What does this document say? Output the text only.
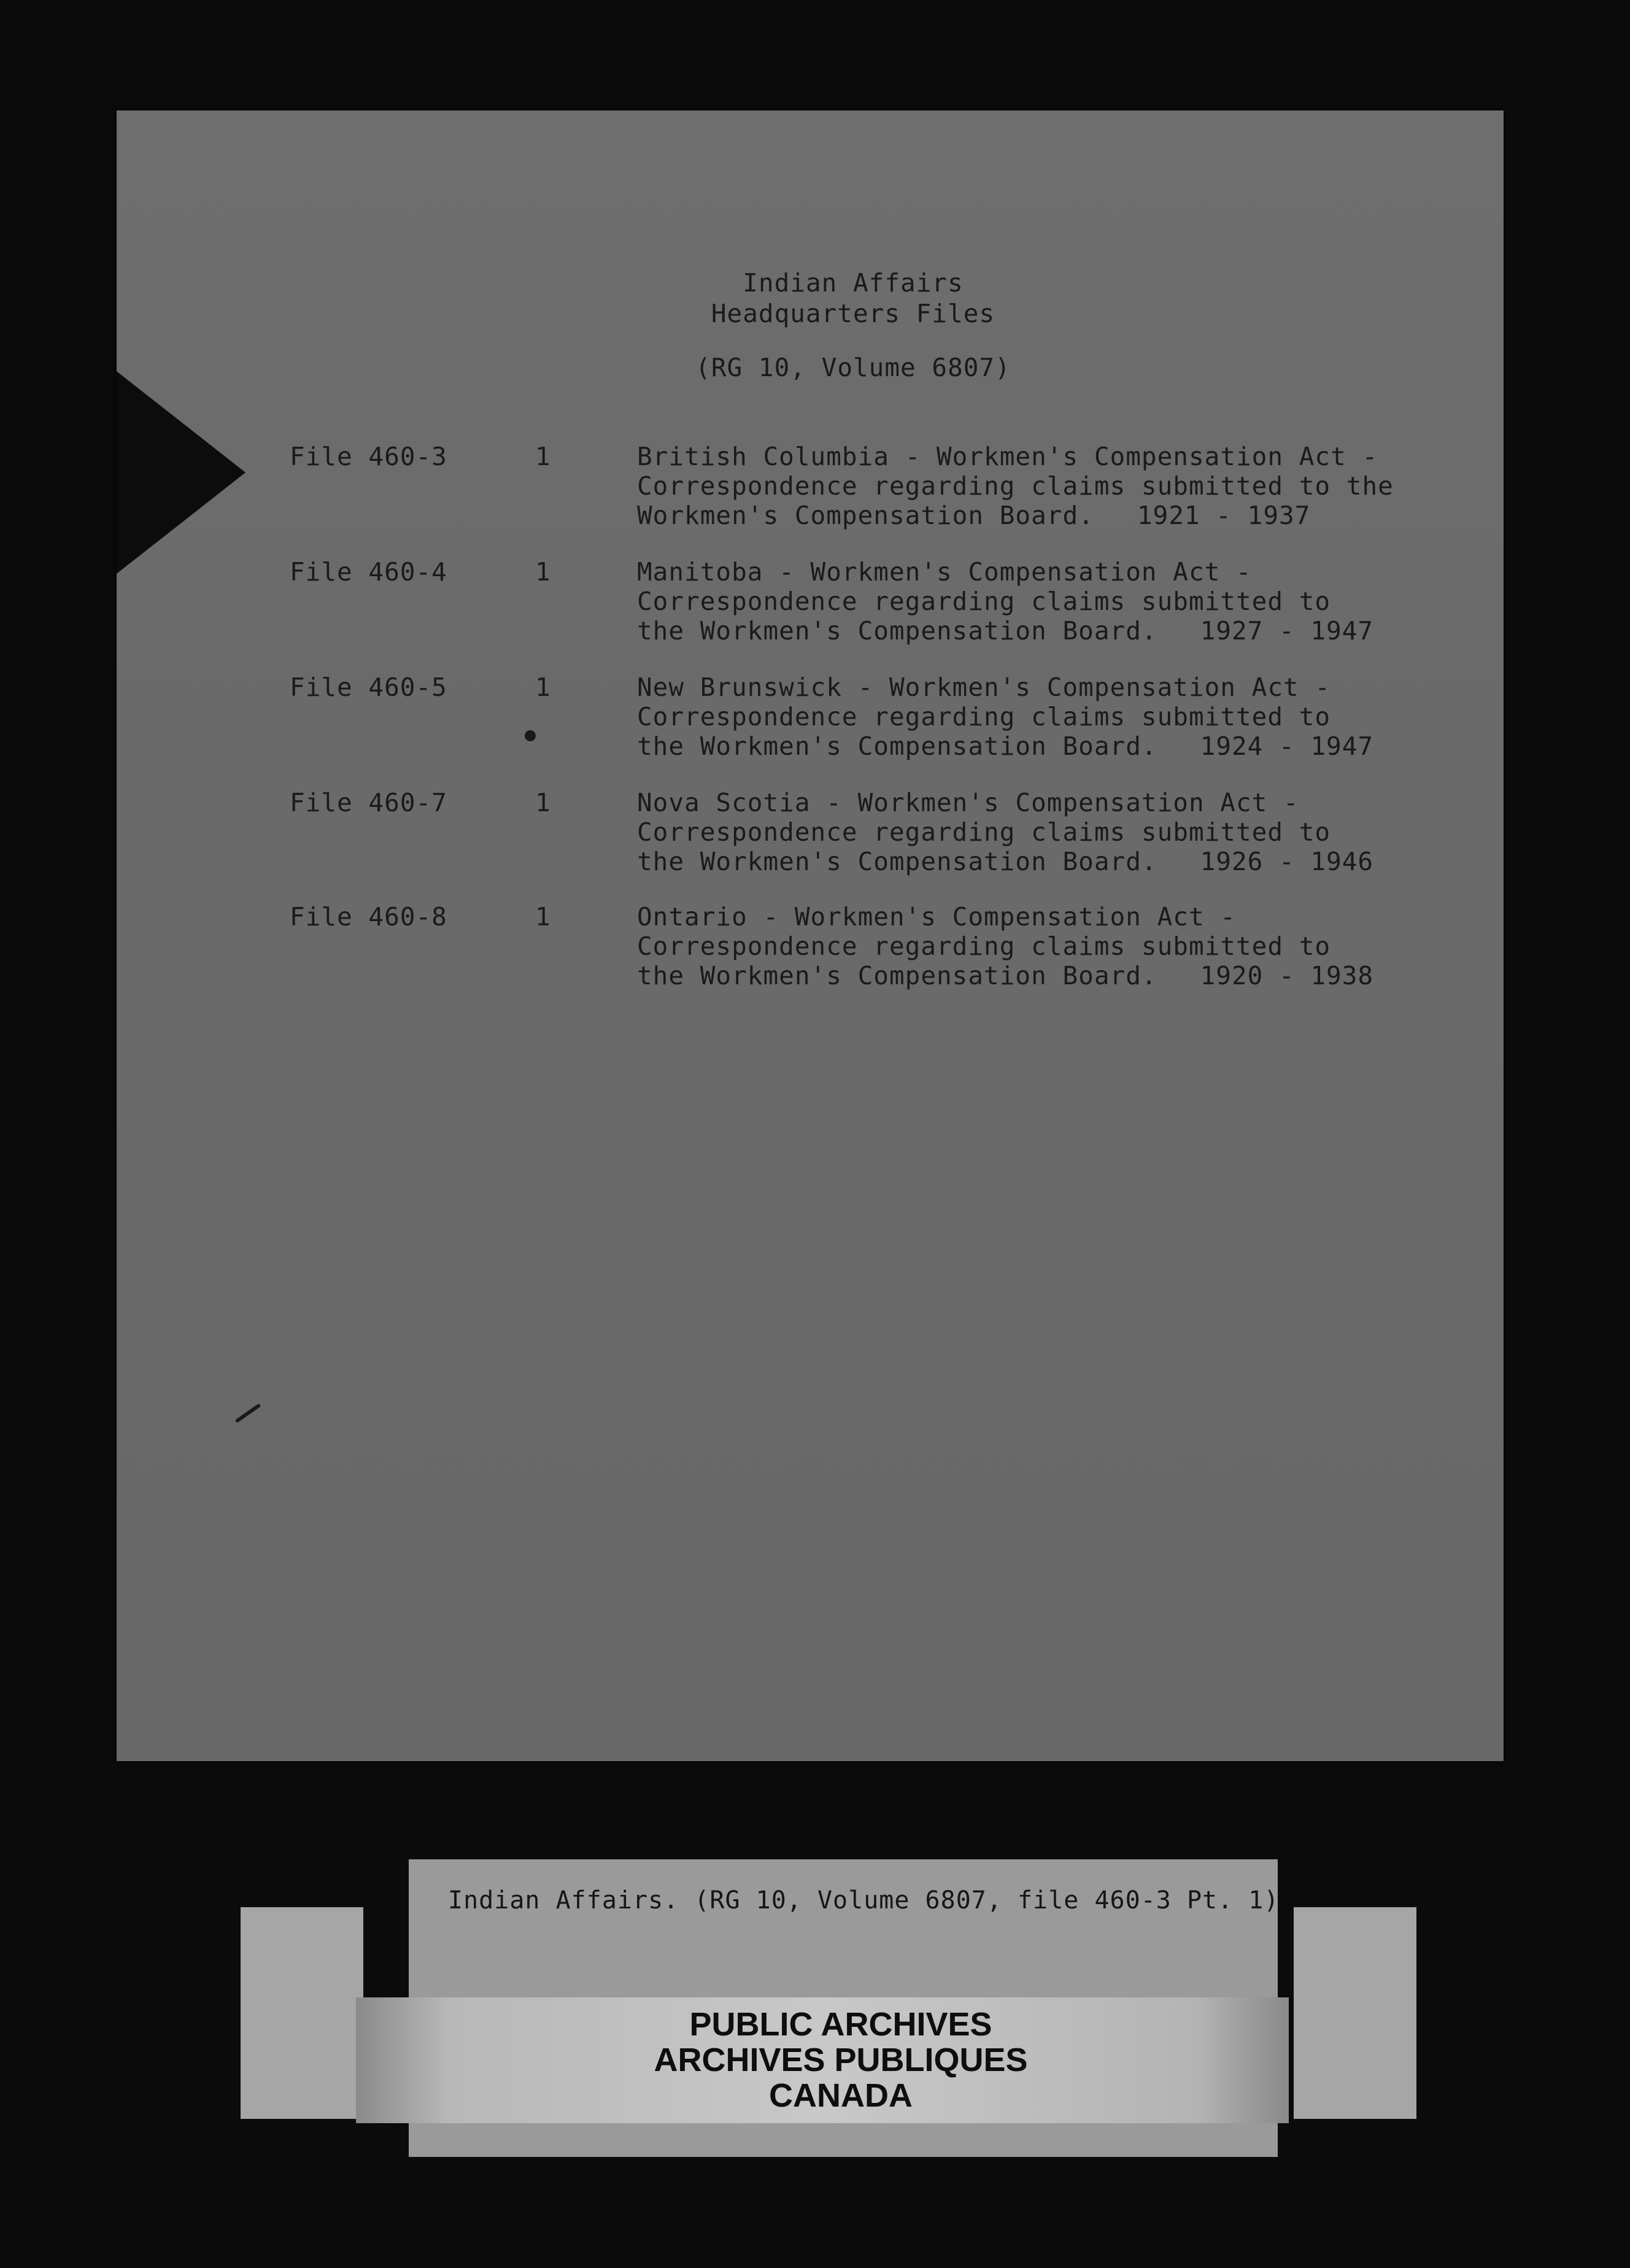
Indian Affairs
Headquarters Files
(RG 10, Volume 6807)
File 460-3	1	British Columbia - Workmen's Compensation Act -
Correspondence regarding claims submitted to the
Workmen's Compensation Board. 1921 - 1937
File 460-4	1	Manitoba - Workmen's Compensation Act -
Correspondence regarding claims submitted to
the Workmen's Compensation Board. 1927 - 1947
File 460-5	1	New Brunswick - Workmen's Compensation Act -
Correspondence regarding claims submitted to
the Workmen's Compensation Board. 1924 - 1947
File 460-7	1	Nova Scotia - Workmen's Compensation Act -
Correspondence regarding claims submitted to
the Workmen's Compensation Board. 1926 - 1946
File 460-8	1	Ontario - Workmen's Compensation Act -
Correspondence regarding claims submitted to
the Workmen's Compensation Board. 1920 - 1938
Indian Affairs. (RG 10, Volume 6807, file 460-3 Pt. 1)
PUBLIC ARCHIVES
ARCHIVES PUBLIQUES
CANADA
